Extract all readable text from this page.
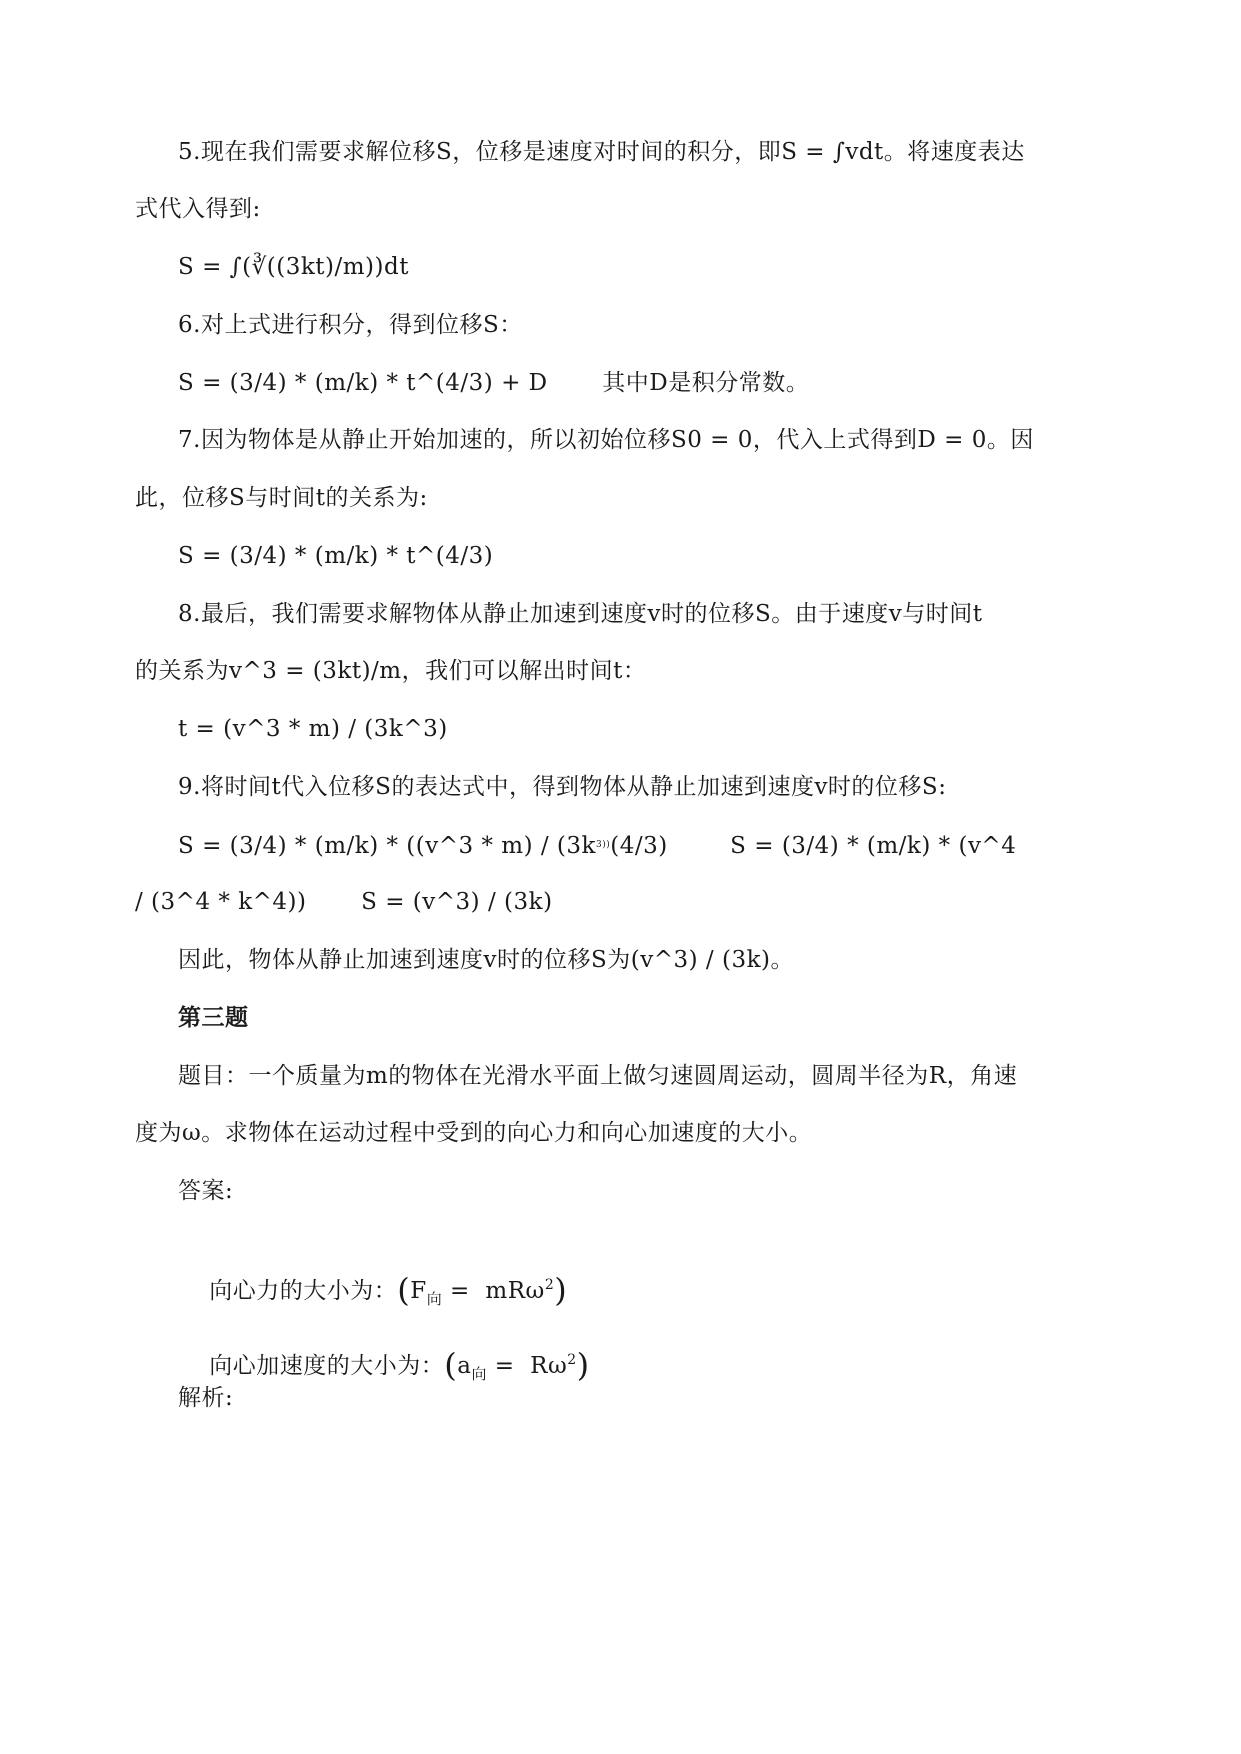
5.现在我们需要求解位移S，位移是速度对时间的积分，即S = ∫vdt。将速度表达
式代入得到:
S = ∫(∛((3kt)/m))dt
6.对上式进行积分，得到位移S：
S = (3/4) * (m/k) * t^(4/3) + D       其中D是积分常数。
7.因为物体是从静止开始加速的，所以初始位移S0 = 0，代入上式得到D = 0。因
此，位移S与时间t的关系为:
S = (3/4) * (m/k) * t^(4/3)
8.最后，我们需要求解物体从静止加速到速度v时的位移S。由于速度v与时间t
的关系为v^3 = (3kt)/m，我们可以解出时间t：
t = (v^3 * m) / (3k^3)
9.将时间t代入位移S的表达式中，得到物体从静止加速到速度v时的位移S:
S = (3/4) * (m/k) * ((v^3 * $m) / (3k^{3))}(4/3)$        S = (3/4) * (m/k) * (v^4
/ (3^4 * k^4))       S = (v^3) / (3k)
因此，物体从静止加速到速度v时的位移S为(v^3) / (3k)。
第三题
题目：一个质量为m的物体在光滑水平面上做匀速圆周运动，圆周半径为R，角速
度为ω。求物体在运动过程中受到的向心力和向心加速度的大小。
答案:

向心力的大小为：$(F_向 = mR\omega^2)$

向心加速度的大小为：$(a_向 = R\omega^2)$

解析:
